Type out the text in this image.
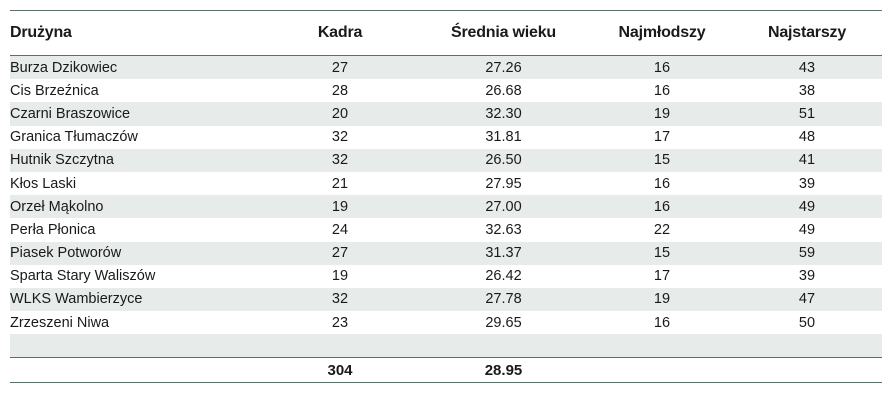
Drużyna	Kadra	Średnia wieku	Najmłodszy	Najstarszy

Burza Dzikowiec	27	27.26	16	43
Cis Brzeźnica	28	26.68	16	38
Czarni Braszowice	20	32.30	19	51
Granica Tłumaczów	32	31.81	17	48
Hutnik Szczytna	32	26.50	15	41
Kłos Laski	21	27.95	16	39
Orzeł Mąkolno	19	27.00	16	49
Perła Płonica	24	32.63	22	49
Piasek Potworów	27	31.37	15	59
Sparta Stary Waliszów	19	26.42	17	39
WLKS Wambierzyce	32	27.78	19	47
Zrzeszeni Niwa	23	29.65	16	50

	304	28.95		
